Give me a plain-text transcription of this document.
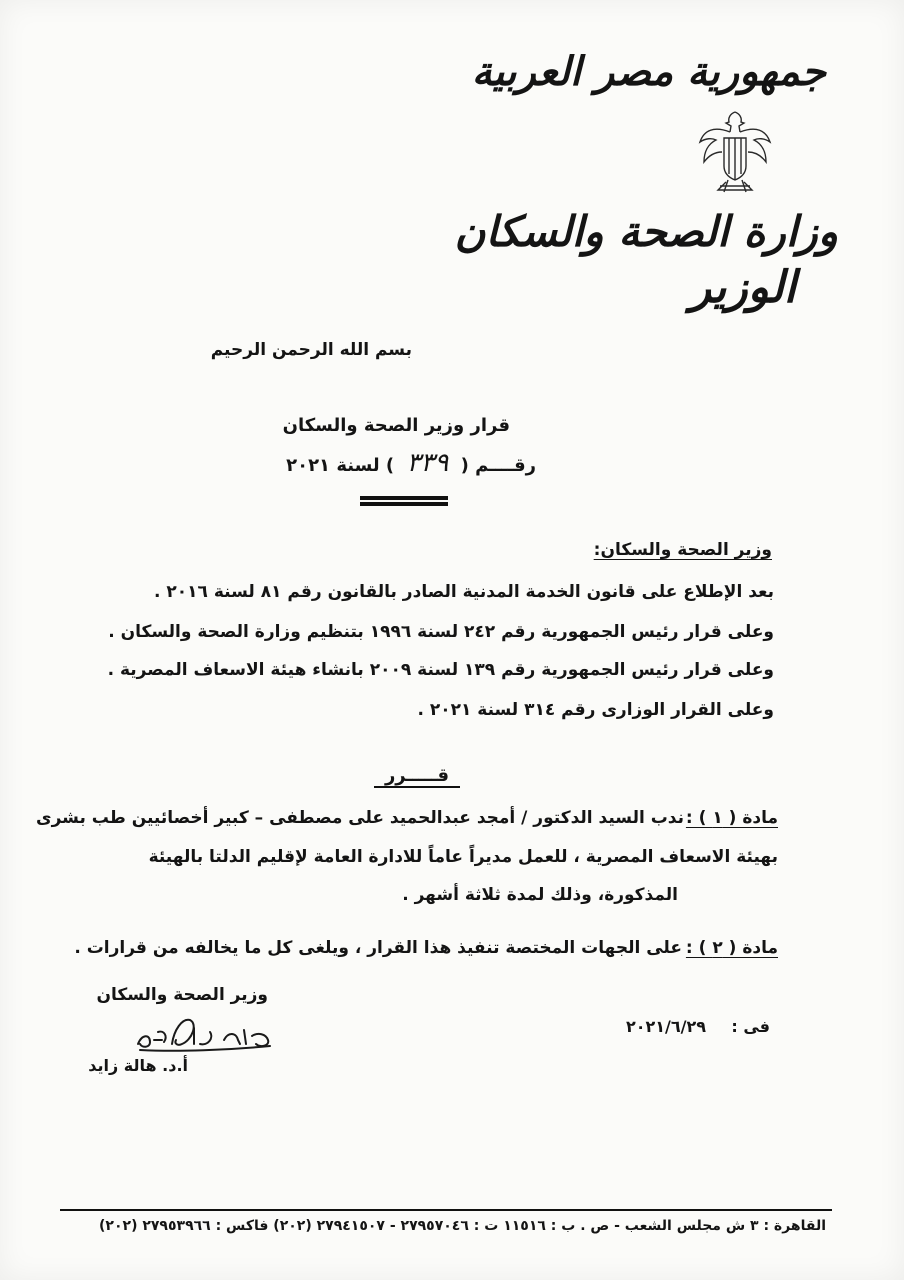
جمهورية مصر العربية
وزارة الصحة والسكان
الوزير
بسم الله الرحمن الرحيم
قرار وزير الصحة والسكان
رقــــم ( ٣٣٩ ) لسنة ٢٠٢١
وزير الصحة والسكان:
بعد الإطلاع على قانون الخدمة المدنية الصادر بالقانون رقم ٨١ لسنة ٢٠١٦ .
وعلى قرار رئيس الجمهورية رقم ٢٤٢ لسنة ١٩٩٦ بتنظيم وزارة الصحة والسكان .
وعلى قرار رئيس الجمهورية رقم ١٣٩ لسنة ٢٠٠٩ بانشاء هيئة الاسعاف المصرية .
وعلى القرار الوزارى رقم ٣١٤ لسنة ٢٠٢١ .
قـــــرر
مادة ( ١ ) :
ندب السيد الدكتور / أمجد عبدالحميد على مصطفى – كبير أخصائيين طب بشرى
بهيئة الاسعاف المصرية ، للعمل مديراً عاماً للادارة العامة لإقليم الدلتا بالهيئة
المذكورة، وذلك لمدة ثلاثة أشهر .
مادة ( ٢ ) :
على الجهات المختصة تنفيذ هذا القرار ، ويلغى كل ما يخالفه من قرارات .
وزير الصحة والسكان
د. هالة زايد
أ.د. هالة زايد
فى :
٢٠٢١/٦/٢٩
القاهرة : ٣ ش مجلس الشعب - ص . ب : ١١٥١٦ ت : ٢٧٩٥٧٠٤٦ - ٢٧٩٤١٥٠٧ (٢٠٢) فاكس : ٢٧٩٥٣٩٦٦ (٢٠٢)
